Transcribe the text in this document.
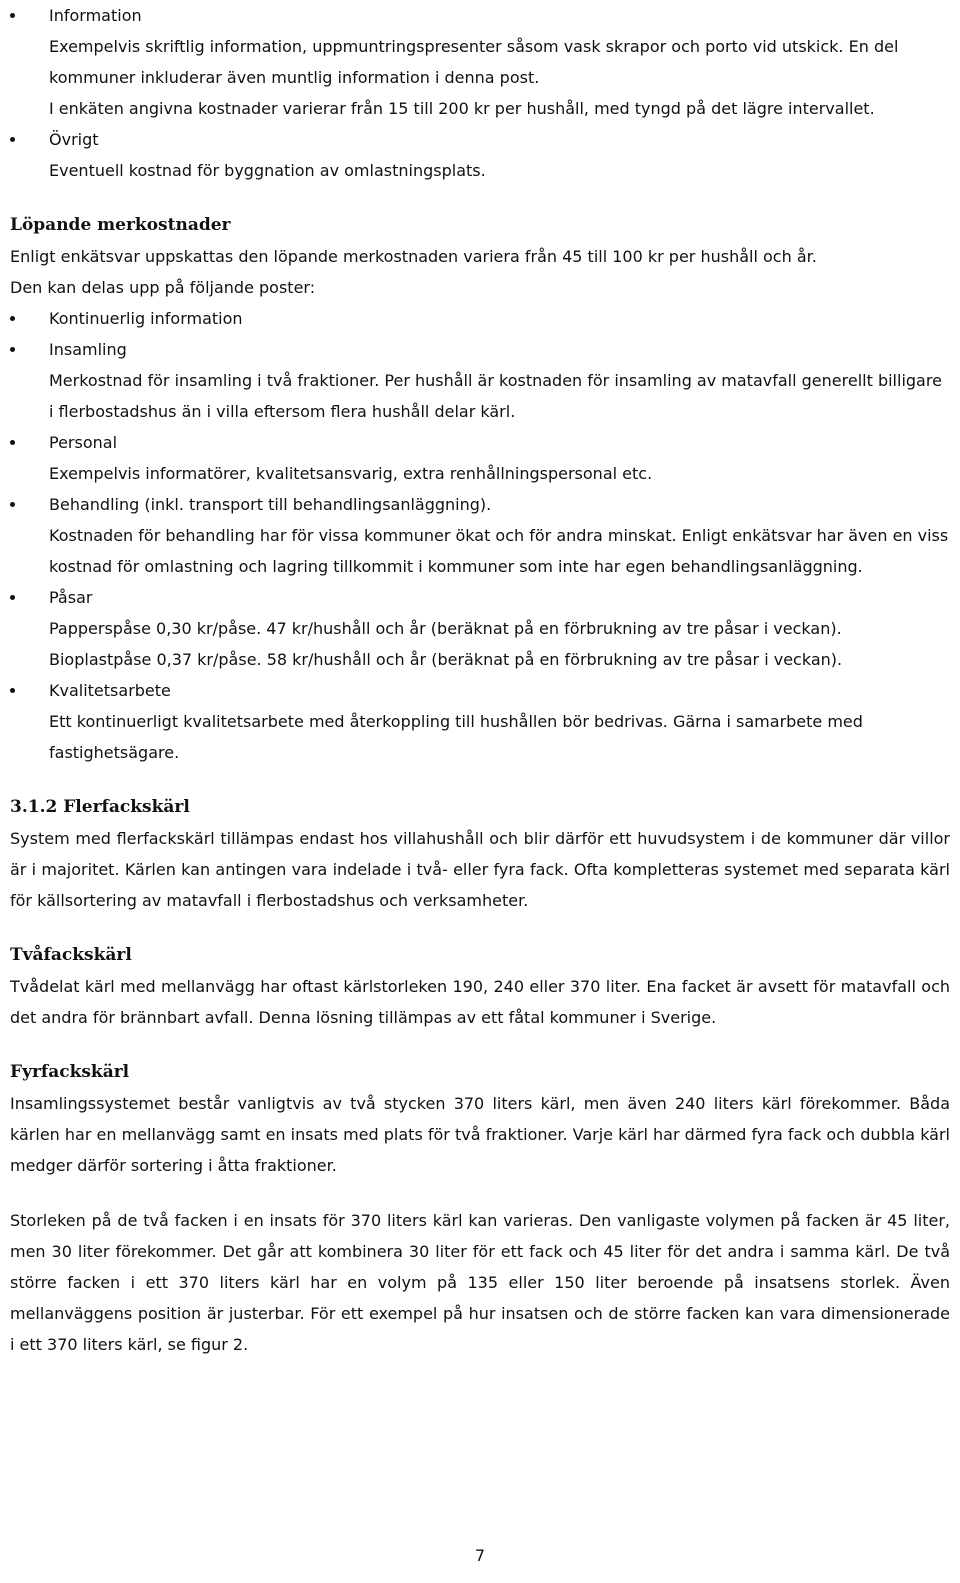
Information

Exempelvis skriftlig information, uppmuntringspresenter såsom vask skrapor och porto vid utskick. En del kommuner inkluderar även muntlig information i denna post.

I enkäten angivna kostnader varierar från 15 till 200 kr per hushåll, med tyngd på det lägre intervallet.

Övrigt

Eventuell kostnad för byggnation av omlastningsplats.

Löpande merkostnader

Enligt enkätsvar uppskattas den löpande merkostnaden variera från 45 till 100 kr per hushåll och år.

Den kan delas upp på följande poster:

Kontinuerlig information

Insamling

Merkostnad för insamling i två fraktioner. Per hushåll är kostnaden för insamling av matavfall generellt billigare i flerbostadshus än i villa eftersom flera hushåll delar kärl.

Personal

Exempelvis informatörer, kvalitetsansvarig, extra renhållningspersonal etc.

Behandling (inkl. transport till behandlingsanläggning).

Kostnaden för behandling har för vissa kommuner ökat och för andra minskat. Enligt enkätsvar har även en viss kostnad för omlastning och lagring tillkommit i kommuner som inte har egen behandlingsanläggning.

Påsar

Papperspåse 0,30 kr/påse. 47 kr/hushåll och år (beräknat på en förbrukning av tre påsar i veckan).

Bioplastpåse 0,37 kr/påse. 58 kr/hushåll och år (beräknat på en förbrukning av tre påsar i veckan).

Kvalitetsarbete

Ett kontinuerligt kvalitetsarbete med återkoppling till hushållen bör bedrivas. Gärna i samarbete med fastighetsägare.

3.1.2 Flerfackskärl

System med flerfackskärl tillämpas endast hos villahushåll och blir därför ett huvudsystem i de kommuner där villor är i majoritet. Kärlen kan antingen vara indelade i två- eller fyra fack. Ofta kompletteras systemet med separata kärl för källsortering av matavfall i flerbostadshus och verksamheter.

Tvåfackskärl

Tvådelat kärl med mellanvägg har oftast kärlstorleken 190, 240 eller 370 liter. Ena facket är avsett för matavfall och det andra för brännbart avfall. Denna lösning tillämpas av ett fåtal kommuner i Sverige.

Fyrfackskärl

Insamlingssystemet består vanligtvis av två stycken 370 liters kärl, men även 240 liters kärl förekommer. Båda kärlen har en mellanvägg samt en insats med plats för två fraktioner. Varje kärl har därmed fyra fack och dubbla kärl medger därför sortering i åtta fraktioner.

Storleken på de två facken i en insats för 370 liters kärl kan varieras. Den vanligaste volymen på facken är 45 liter, men 30 liter förekommer. Det går att kombinera 30 liter för ett fack och 45 liter för det andra i samma kärl. De två större facken i ett 370 liters kärl har en volym på 135 eller 150 liter beroende på insatsens storlek. Även mellanväggens position är justerbar. För ett exempel på hur insatsen och de större facken kan vara dimensionerade i ett 370 liters kärl, se figur 2.

7
